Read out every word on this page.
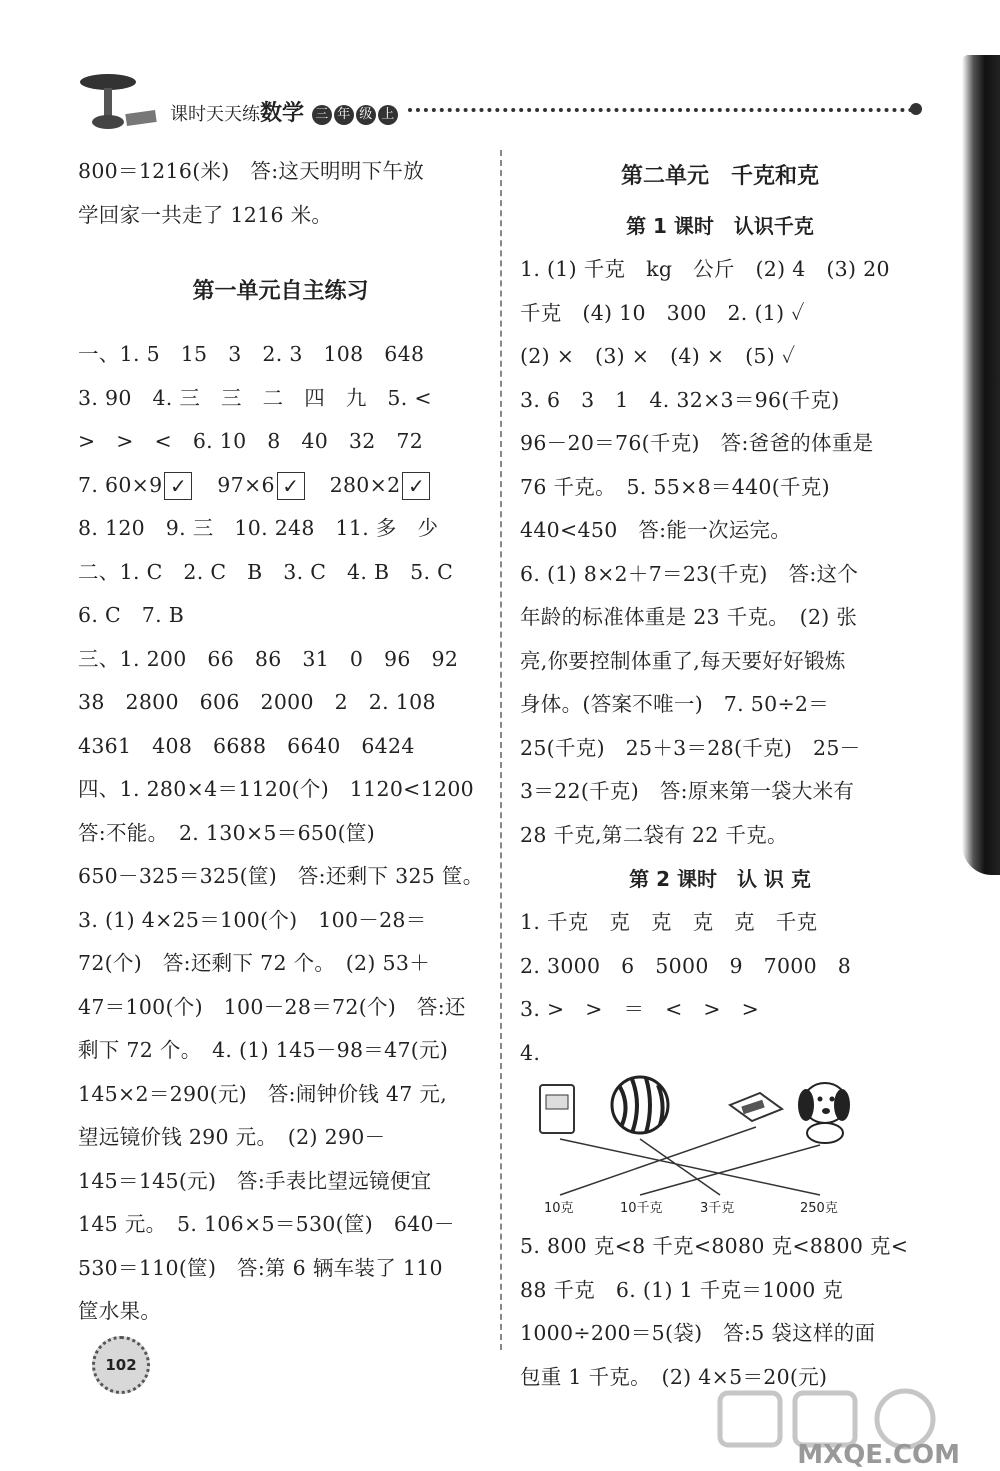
课时天天练数学 三 年 级 上
800＝1216(米)　答:这天明明下午放
学回家一共走了 1216 米。
第一单元自主练习
一、1. 5　15　3　2. 3　108　648
3. 90　4. 三　三　二　四　九　5. <
>　>　<　6. 10　8　40　32　72
7. 60×9 ✓　 97×6 ✓　 280×2 ✓
8. 120　9. 三　10. 248　11. 多　少
二、1. C　2. C　B　3. C　4. B　5. C
6. C　7. B
三、1. 200　66　86　31　0　96　92
38　2800　606　2000　2　2. 108
4361　408　6688　6640　6424
四、1. 280×4＝1120(个)　1120<1200
答:不能。　2. 130×5＝650(筐)
650－325＝325(筐)　答:还剩下 325 筐。
3. (1) 4×25＝100(个)　100－28＝
72(个)　答:还剩下 72 个。　(2) 53＋
47＝100(个)　100－28＝72(个)　答:还
剩下 72 个。　4. (1) 145－98＝47(元)
145×2＝290(元)　答:闹钟价钱 47 元,
望远镜价钱 290 元。　(2) 290－
145＝145(元)　答:手表比望远镜便宜
145 元。　5. 106×5＝530(筐)　640－
530＝110(筐)　答:第 6 辆车装了 110
筐水果。
第二单元　千克和克
第 1 课时　认识千克
1. (1) 千克　kg　公斤　(2) 4　(3) 20
千克　(4) 10　300　2. (1) ✓
(2) ×　(3) ×　(4) ×　(5) ✓
3. 6　3　1　4. 32×3＝96(千克)
96－20＝76(千克)　答:爸爸的体重是
76 千克。　5. 55×8＝440(千克)
440<450　答:能一次运完。
6. (1) 8×2＋7＝23(千克)　答:这个
年龄的标准体重是 23 千克。　(2) 张
亮,你要控制体重了,每天要好好锻炼
身体。(答案不唯一)　7. 50÷2＝
25(千克)　25＋3＝28(千克)　25－
3＝22(千克)　答:原来第一袋大米有
28 千克,第二袋有 22 千克。
第 2 课时　认 识 克
1. 千克　克　克　克　克　千克
2. 3000　6　5000　9　7000　8
3. >　>　＝　<　>　>
4.
10克	10千克	3千克	250克
5. 800 克<8 千克<8080 克<8800 克<
88 千克　6. (1) 1 千克＝1000 克
1000÷200＝5(袋)　答:5 袋这样的面
包重 1 千克。　(2) 4×5＝20(元)
102
MXQE.COM
